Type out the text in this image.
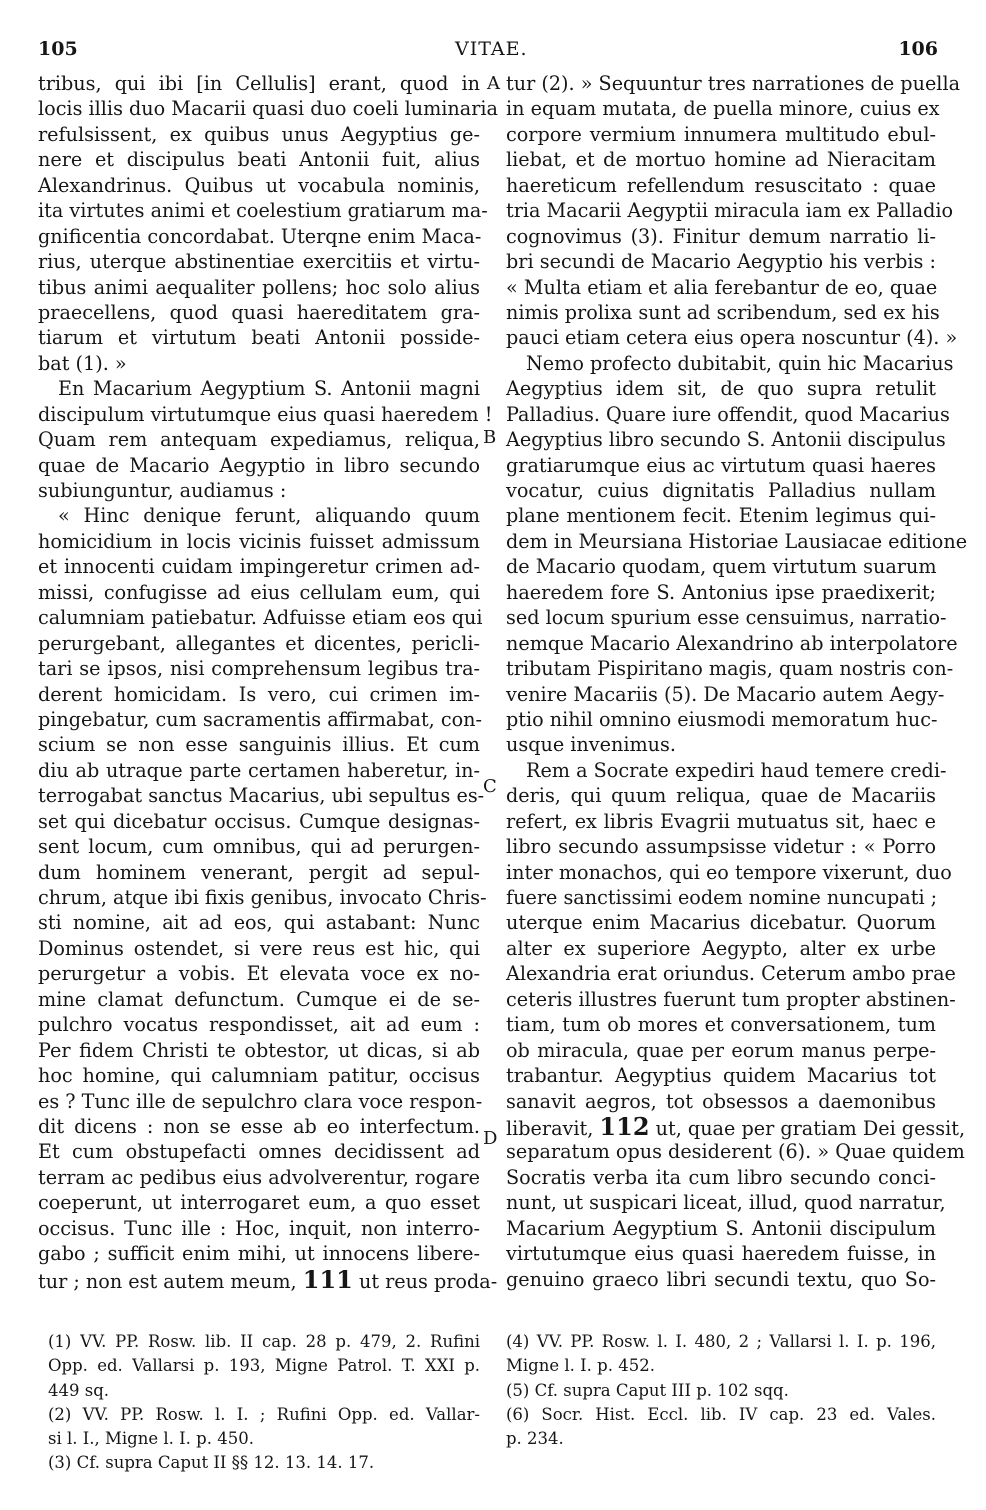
105	VITAE.	106
A
B
C
D
tribus, qui ibi [in Cellulis] erant, quod in
locis illis duo Macarii quasi duo coeli luminaria
refulsissent, ex quibus unus Aegyptius ge-
nere et discipulus beati Antonii fuit, alius
Alexandrinus. Quibus ut vocabula nominis,
ita virtutes animi et coelestium gratiarum ma-
gnificentia concordabat. Uterqne enim Maca-
rius, uterque abstinentiae exercitiis et virtu-
tibus animi aequaliter pollens; hoc solo alius
praecellens, quod quasi haereditatem gra-
tiarum et virtutum beati Antonii posside-
bat (1). »
En Macarium Aegyptium S. Antonii magni
discipulum virtutumque eius quasi haeredem !
Quam rem antequam expediamus, reliqua,
quae de Macario Aegyptio in libro secundo
subiunguntur, audiamus :
« Hinc denique ferunt, aliquando quum
homicidium in locis vicinis fuisset admissum
et innocenti cuidam impingeretur crimen ad-
missi, confugisse ad eius cellulam eum, qui
calumniam patiebatur. Adfuisse etiam eos qui
perurgebant, allegantes et dicentes, pericli-
tari se ipsos, nisi comprehensum legibus tra-
derent homicidam. Is vero, cui crimen im-
pingebatur, cum sacramentis affirmabat, con-
scium se non esse sanguinis illius. Et cum
diu ab utraque parte certamen haberetur, in-
terrogabat sanctus Macarius, ubi sepultus es-
set qui dicebatur occisus. Cumque designas-
sent locum, cum omnibus, qui ad perurgen-
dum hominem venerant, pergit ad sepul-
chrum, atque ibi fixis genibus, invocato Chris-
sti nomine, ait ad eos, qui astabant: Nunc
Dominus ostendet, si vere reus est hic, qui
perurgetur a vobis. Et elevata voce ex no-
mine clamat defunctum. Cumque ei de se-
pulchro vocatus respondisset, ait ad eum :
Per fidem Christi te obtestor, ut dicas, si ab
hoc homine, qui calumniam patitur, occisus
es ? Tunc ille de sepulchro clara voce respon-
dit dicens : non se esse ab eo interfectum.
Et cum obstupefacti omnes decidissent ad
terram ac pedibus eius advolverentur, rogare
coeperunt, ut interrogaret eum, a quo esset
occisus. Tunc ille : Hoc, inquit, non interro-
gabo ; sufficit enim mihi, ut innocens libere-
tur ; non est autem meum, 111 ut reus proda-
tur (2). » Sequuntur tres narrationes de puella
in equam mutata, de puella minore, cuius ex
corpore vermium innumera multitudo ebul-
liebat, et de mortuo homine ad Nieracitam
haereticum refellendum resuscitato : quae
tria Macarii Aegyptii miracula iam ex Palladio
cognovimus (3). Finitur demum narratio li-
bri secundi de Macario Aegyptio his verbis :
« Multa etiam et alia ferebantur de eo, quae
nimis prolixa sunt ad scribendum, sed ex his
pauci etiam cetera eius opera noscuntur (4). »
Nemo profecto dubitabit, quin hic Macarius
Aegyptius idem sit, de quo supra retulit
Palladius. Quare iure offendit, quod Macarius
Aegyptius libro secundo S. Antonii discipulus
gratiarumque eius ac virtutum quasi haeres
vocatur, cuius dignitatis Palladius nullam
plane mentionem fecit. Etenim legimus qui-
dem in Meursiana Historiae Lausiacae editione
de Macario quodam, quem virtutum suarum
haeredem fore S. Antonius ipse praedixerit;
sed locum spurium esse censuimus, narratio-
nemque Macario Alexandrino ab interpolatore
tributam Pispiritano magis, quam nostris con-
venire Macariis (5). De Macario autem Aegy-
ptio nihil omnino eiusmodi memoratum huc-
usque invenimus.
Rem a Socrate expediri haud temere credi-
deris, qui quum reliqua, quae de Macariis
refert, ex libris Evagrii mutuatus sit, haec e
libro secundo assumpsisse videtur : « Porro
inter monachos, qui eo tempore vixerunt, duo
fuere sanctissimi eodem nomine nuncupati ;
uterque enim Macarius dicebatur. Quorum
alter ex superiore Aegypto, alter ex urbe
Alexandria erat oriundus. Ceterum ambo prae
ceteris illustres fuerunt tum propter abstinen-
tiam, tum ob mores et conversationem, tum
ob miracula, quae per eorum manus perpe-
trabantur. Aegyptius quidem Macarius tot
sanavit aegros, tot obsessos a daemonibus
liberavit, 112 ut, quae per gratiam Dei gessit,
separatum opus desiderent (6). » Quae quidem
Socratis verba ita cum libro secundo conci-
nunt, ut suspicari liceat, illud, quod narratur,
Macarium Aegyptium S. Antonii discipulum
virtutumque eius quasi haeredem fuisse, in
genuino graeco libri secundi textu, quo So-
(1) VV. PP. Rosw. lib. II cap. 28 p. 479, 2. Rufini
Opp. ed. Vallarsi p. 193, Migne Patrol. T. XXI p.
449 sq.
(2) VV. PP. Rosw. l. I. ; Rufini Opp. ed. Vallar-
si l. I., Migne l. I. p. 450.
(3) Cf. supra Caput II §§ 12. 13. 14. 17.
(4) VV. PP. Rosw. l. I. 480, 2 ; Vallarsi l. I. p. 196,
Migne l. I. p. 452.
(5) Cf. supra Caput III p. 102 sqq.
(6) Socr. Hist. Eccl. lib. IV cap. 23 ed. Vales.
p. 234.
